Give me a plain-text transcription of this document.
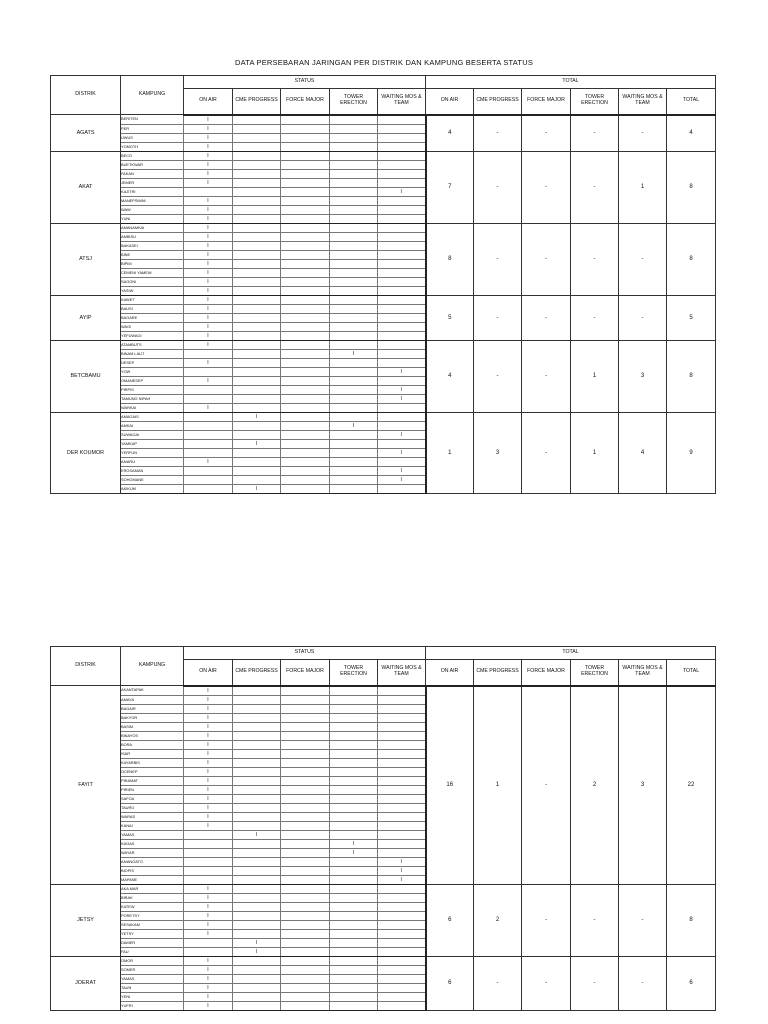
DATA PERSEBARAN JARINGAN PER DISTRIK DAN KAMPUNG BESERTA STATUS
DISTRIK	KAMPUNG	STATUS					TOTAL					
		ON AIR	CME PROGRESS	FORCE MAJOR	TOWER ERECTION	WAITING MOS & TEAM	ON AIR	CME PROGRESS	FORCE MAJOR	TOWER ERECTION	WAITING MOS & TEAM	TOTAL
AGATS	BERITEN	I					4	-	-	-	-	4
	PER	I										
	UWUS	I										
	YOMOTH	I										
AKAT	BECO	I					7	-	-	-	1	8
	BUETKWAR	I										
	FAKAN	I										
	JEMER	I										
	KAJITRI					I						
	MANEPSIMNI	I										
	WAW	I										
	YUNI	I										
ATSJ	AMANAMKAI	I					8	-	-	-	-	8
	AMBISU	I										
	BAKASEI	I										
	BINE	I										
	BIPIM	I										
	CEMENI YAMEW	I										
	SAGONI	I										
	YASIW	I										
AYIP	KAWET	I					5	-	-	-	-	5
	BAUSI	I										
	BAGARE	I										
	WAGI	I										
	YEFUWAGI	I										
BETCBAMU	ATAMBUTS	I					4	-	-	1	3	8
	BINAM LAUT				I							
	DESEP	I										
	YOW					I						
	OMANESEP	I										
	PIRPIS					I						
	TAMUNG NIPAH					I						
	WARKAI	I										
DER KOUMOR	AMAGAIS		I				1	3	-	1	4	9
	AMKAI				I							
	SUWAGAI					I						
	YAMKAP		I									
	YERFUN					I						
	AMARU	I										
	EROSAMAN					I						
	SOHOMANE					I						
	AKIKUM		I									
DISTRIK	KAMPUNG	STATUS					TOTAL					
		ON AIR	CME PROGRESS	FORCE MAJOR	TOWER ERECTION	WAITING MOS & TEAM	ON AIR	CME PROGRESS	FORCE MAJOR	TOWER ERECTION	WAITING MOS & TEAM	TOTAL
FAYIT	AKANTAPAK	I					16	1	-	2	3	22
	AMAYA	I										
	BAGAIR	I										
	BAKYOR	I										
	BASIM	I										
	BINAYOS	I										
	BORA	I										
	ISAR	I										
	KAYARBIS	I										
	OCENEP	I										
	PIRAMAT	I										
	PIRIEN	I										
	SAFOA	I										
	TAURO	I										
	WARAS	I										
	KANAI	I										
	YAMAS		I									
	KAGAS				I							
	WAYAR				I							
	AMANGATO					I						
	BIOPIS					I						
	MAPANE					I						
JETSY	AKA MAR	I					6	2	-	-	-	8
	BIRAK	I										
	KATEW	I										
	PORETSY	I										
	SESAKAM	I										
	YETSY	I										
	DAMER		I									
	FAU		I									
JOERAT	OMOR	I					6	-	-	-	-	6
	SOMER	I										
	YAMAS	I										
	TAUN	I										
	YENI	I										
	YUFRI	I										
